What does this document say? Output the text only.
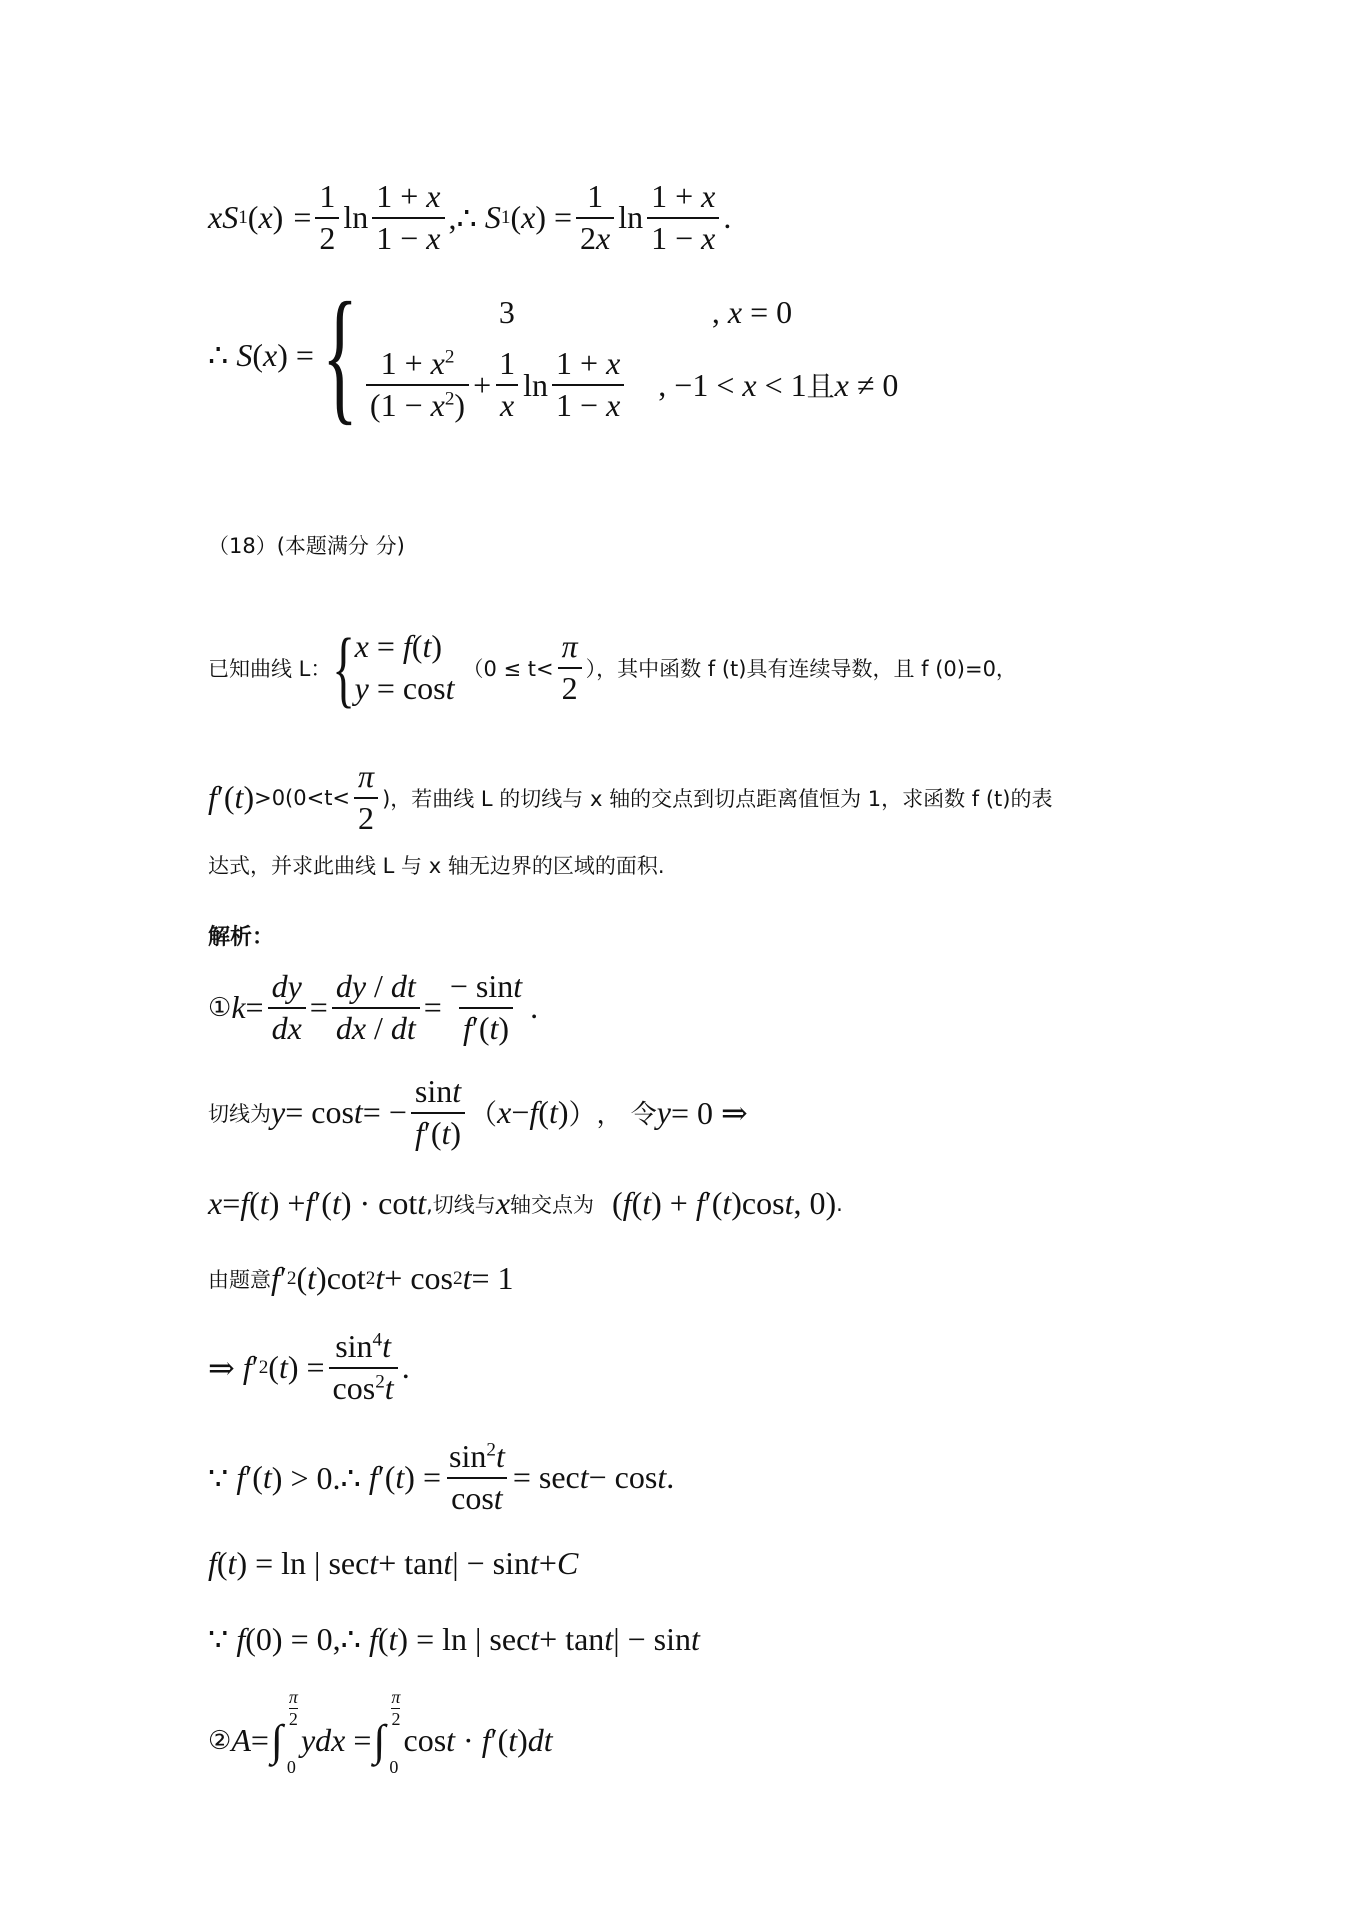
xS 1 ( x ) = $\frac{1}{2}$ $\ln \frac{1 + x}{1 - x}$ ,∴ S 1 ( x ) = $\frac{1}{2x}$ $\ln \frac{1 + x}{1 - x}$ .
∴ S(x) = {	3	, x = 0
$\frac{1 + x^2}{(1 - x^2)} + \frac{1}{x}$ $\ln \frac{1 + x}{1 - x}$ , −1 < x < 1 且 x ≠ 0
（18）(本题满分 分)
已知曲线 L： { x = f(t)
y = cost
（$0 \le t< \frac{\pi}{2}$ ），其中函数 f (t)具有连续导数，且 f (0)=0，
$f'(t) >0(0<t< \frac{\pi}{2}$ )，若曲线 L 的切线与 x 轴的交点到切点距离值恒为 1，求函数 f (t)的表
达式，并求此曲线 L 与 x 轴无边界的区域的面积.
解析：
① $k = \frac{dy}{dx} = \frac{dy / dt}{dx / dt} = \frac{- \sin t}{f'(t)}$ .
切线为 y = cos t = − $\frac{\sin t}{f'(t)}$ （ x − f ( t ) ） ， 令 y = 0 ⇒
x = f ( t ) + f ′( t ) · cot t ,切线与 x 轴交点为 (f(t) + f′(t)cost, 0) .
由题意 f ′ 2 ( t )cot 2 t + cos 2 t = 1
⇒ f ′ 2 ( t ) = $\frac{\sin^4t}{\cos^2t}$ .
∵ f ′( t ) > 0.∴ f ′( t ) = $\frac{\sin^2t}{\cos t} = \sec t - \cos t$ .
f ( t ) = ln | sec t + tan t | − sin t + C
∵ f (0) = 0,∴ f ( t ) = ln | sec t + tan t | − sin t
② A = ∫
π
2
0
ydx = ∫
π
2
0
cost · f′(t)dt
